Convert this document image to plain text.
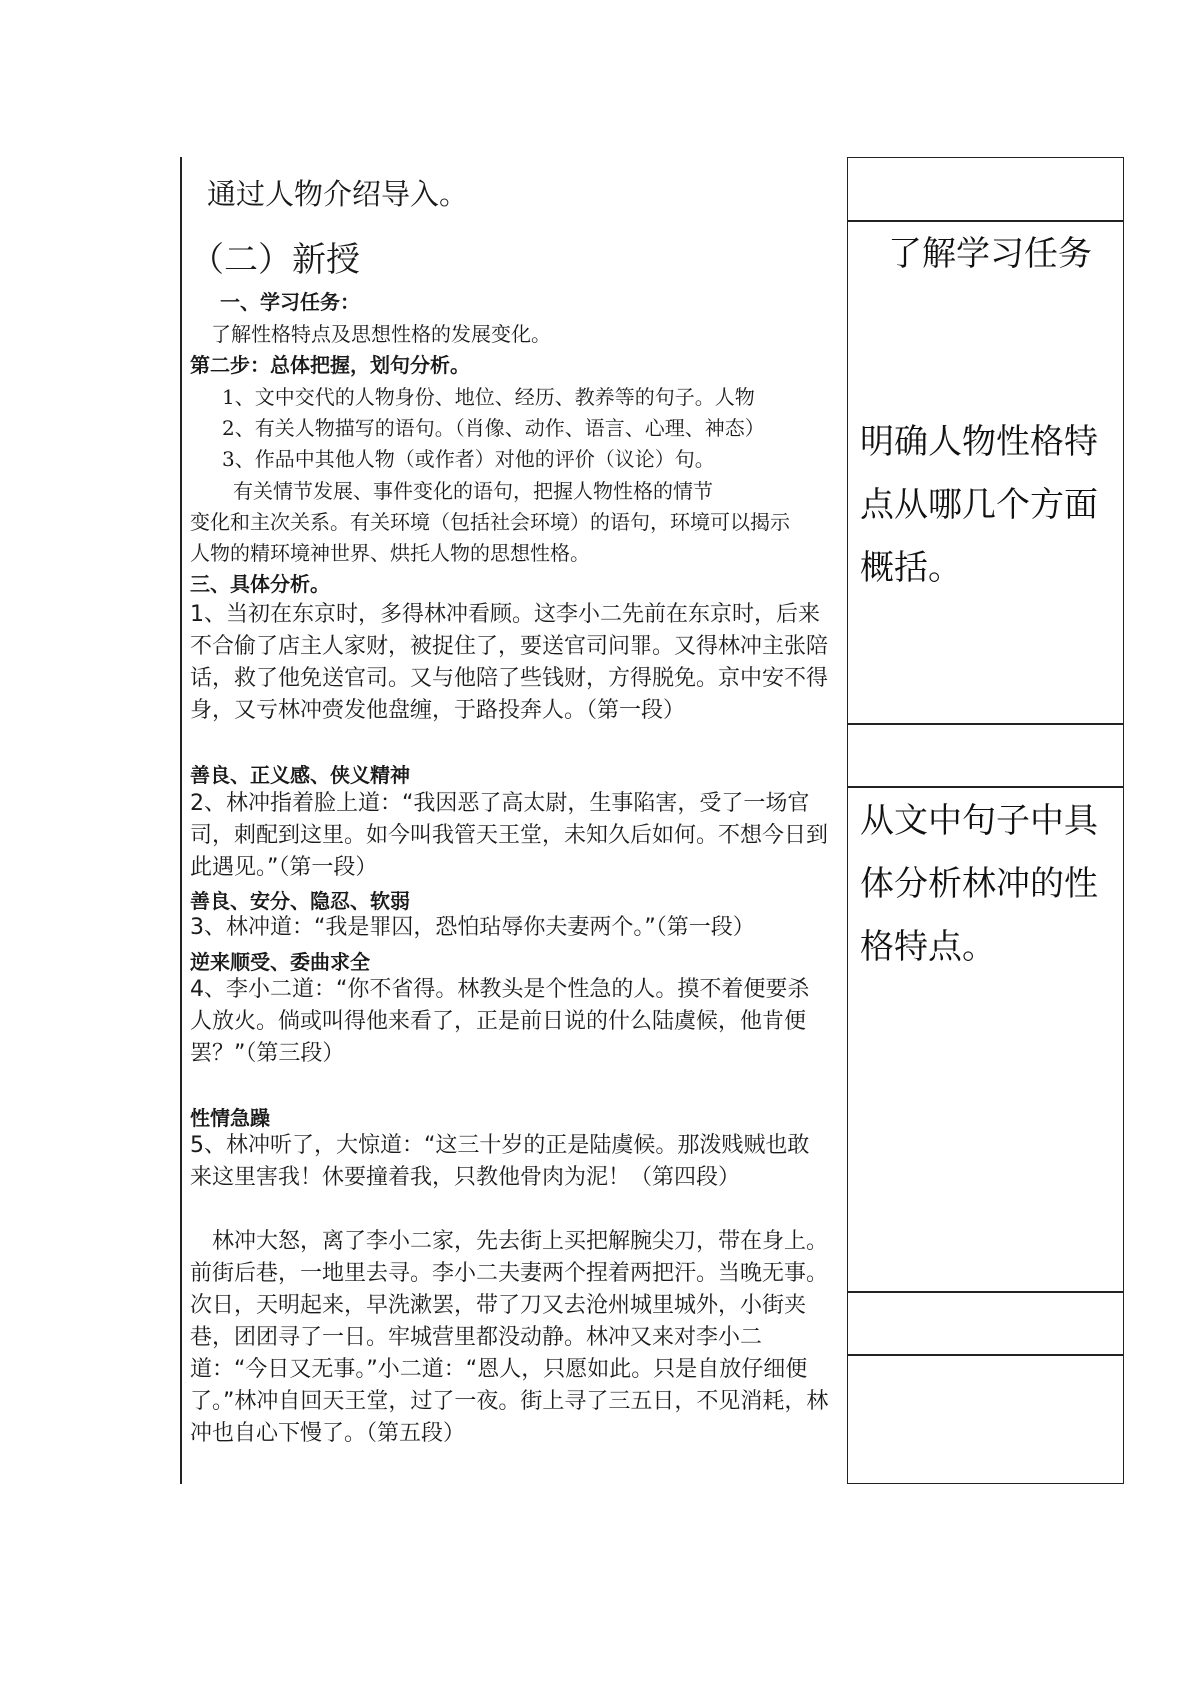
通过人物介绍导入。
（二）新授
一、学习任务：
了解性格特点及思想性格的发展变化。
第二步：总体把握，划句分析。
1、文中交代的人物身份、地位、经历、教养等的句子。人物
2、有关人物描写的语句。（肖像、动作、语言、心理、神态）
3、作品中其他人物（或作者）对他的评价（议论）句。
有关情节发展、事件变化的语句，把握人物性格的情节
变化和主次关系。有关环境（包括社会环境）的语句，环境可以揭示
人物的精环境神世界、烘托人物的思想性格。
三、具体分析。
1、当初在东京时，多得林冲看顾。这李小二先前在东京时，后来不合偷了店主人家财，被捉住了，要送官司问罪。又得林冲主张陪话，救了他免送官司。又与他陪了些钱财，方得脱免。京中安不得身，又亏林冲赍发他盘缠，于路投奔人。（第一段）
善良、正义感、侠义精神
2、林冲指着脸上道：“我因恶了高太尉，生事陷害，受了一场官司，刺配到这里。如今叫我管天王堂，未知久后如何。不想今日到此遇见。”（第一段）
善良、安分、隐忍、软弱
3、林冲道：“我是罪囚，恐怕玷辱你夫妻两个。”（第一段）
逆来顺受、委曲求全
4、李小二道：“你不省得。林教头是个性急的人。摸不着便要杀人放火。倘或叫得他来看了，正是前日说的什么陆虞候，他肯便罢？”（第三段）
性情急躁
5、林冲听了，大惊道：“这三十岁的正是陆虞候。那泼贱贼也敢来这里害我！休要撞着我，只教他骨肉为泥！（第四段）
　林冲大怒，离了李小二家，先去街上买把解腕尖刀，带在身上。前街后巷，一地里去寻。李小二夫妻两个捏着两把汗。当晚无事。次日，天明起来，早洗漱罢，带了刀又去沧州城里城外，小街夹巷，团团寻了一日。牢城营里都没动静。林冲又来对李小二道：“今日又无事。”小二道：“恩人，只愿如此。只是自放仔细便了。”林冲自回天王堂，过了一夜。街上寻了三五日，不见消耗，林冲也自心下慢了。（第五段）
了解学习任务
明确人物性格特点从哪几个方面概括。
从文中句子中具体分析林冲的性格特点。
